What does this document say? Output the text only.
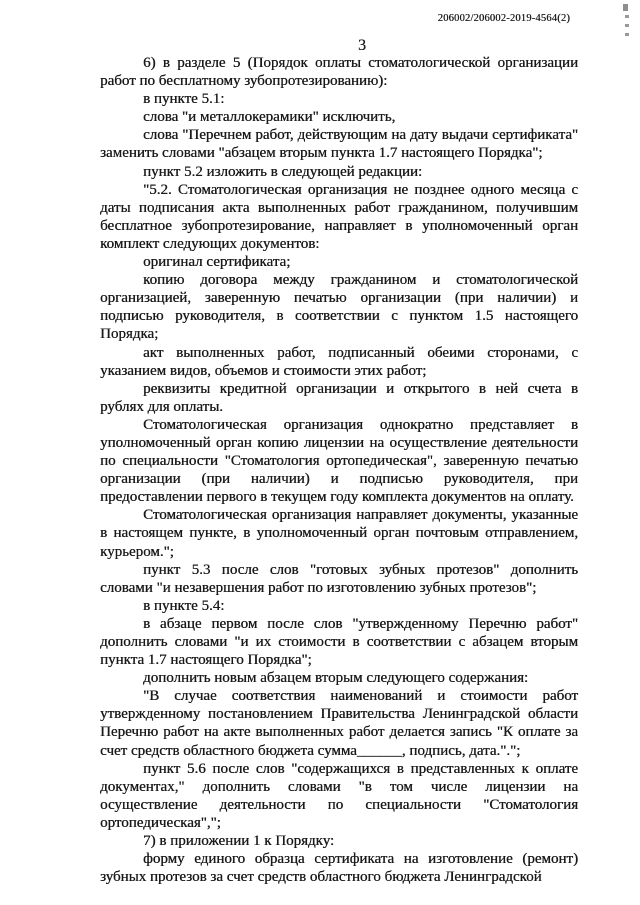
206002/206002-2019-4564(2)
3

6) в разделе 5 (Порядок оплаты стоматологической организации работ по бесплатному зубопротезированию):

в пункте 5.1:

слова "и металлокерамики" исключить,

слова "Перечнем работ, действующим на дату выдачи сертификата" заменить словами "абзацем вторым пункта 1.7 настоящего Порядка";

пункт 5.2 изложить в следующей редакции:

"5.2. Стоматологическая организация не позднее одного месяца с даты подписания акта выполненных работ гражданином, получившим бесплатное зубопротезирование, направляет в уполномоченный орган комплект следующих документов:

оригинал сертификата;

копию договора между гражданином и стоматологической организацией, заверенную печатью организации (при наличии) и подписью руководителя, в соответствии с пунктом 1.5 настоящего Порядка;

акт выполненных работ, подписанный обеими сторонами, с указанием видов, объемов и стоимости этих работ;

реквизиты кредитной организации и открытого в ней счета в рублях для оплаты.

Стоматологическая организация однократно представляет в уполномоченный орган копию лицензии на осуществление деятельности по специальности "Стоматология ортопедическая", заверенную печатью организации (при наличии) и подписью руководителя, при предоставлении первого в текущем году комплекта документов на оплату.

Стоматологическая организация направляет документы, указанные в настоящем пункте, в уполномоченный орган почтовым отправлением, курьером.";

пункт 5.3 после слов "готовых зубных протезов" дополнить словами "и незавершения работ по изготовлению зубных протезов";

в пункте 5.4:

в абзаце первом после слов "утвержденному Перечню работ" дополнить словами "и их стоимости в соответствии с абзацем вторым пункта 1.7 настоящего Порядка";

дополнить новым абзацем вторым следующего содержания:

"В случае соответствия наименований и стоимости работ утвержденному постановлением Правительства Ленинградской области Перечню работ на акте выполненных работ делается запись "К оплате за счет средств областного бюджета сумма______, подпись, дата.".";

пункт 5.6 после слов "содержащихся в представленных к оплате документах," дополнить словами "в том числе лицензии на осуществление деятельности по специальности "Стоматология ортопедическая",";

7) в приложении 1 к Порядку:

форму единого образца сертификата на изготовление (ремонт) зубных протезов за счет средств областного бюджета Ленинградской
